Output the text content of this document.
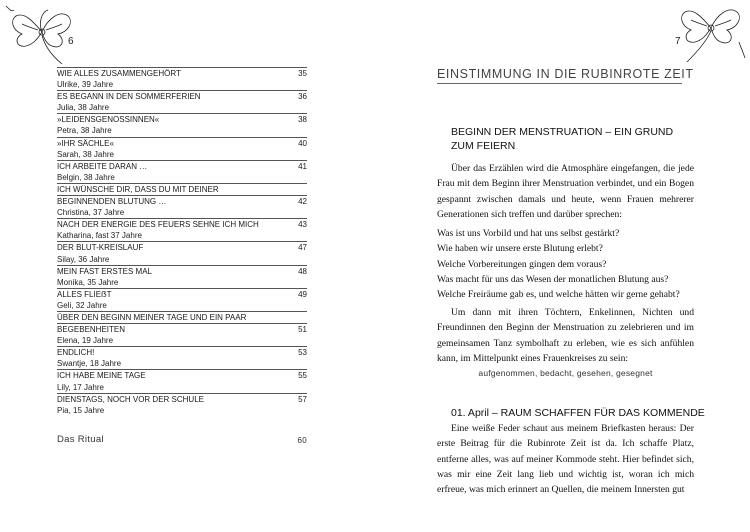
6
WIE ALLES ZUSAMMENGEHÖRT	35
Ulrike, 39 Jahre
ES BEGANN IN DEN SOMMERFERIEN	36
Julia, 38 Jahre
»LEIDENSGENOSSINNEN«	38
Petra, 38 Jahre
»IHR SÄCHLE«	40
Sarah, 38 Jahre
ICH ARBEITE DARAN …	41
Belgin, 38 Jahre
ICH WÜNSCHE DIR, DASS DU MIT DEINER
BEGINNENDEN BLUTUNG …	42
Christina, 37 Jahre
NACH DER ENERGIE DES FEUERS SEHNE ICH MICH	43
Katharina, fast 37 Jahre
DER BLUT-KREISLAUF	47
Silay, 36 Jahre
MEIN FAST ERSTES MAL	48
Monika, 35 Jahre
ALLES FLIEẞT	49
Geli, 32 Jahre
ÜBER DEN BEGINN MEINER TAGE UND EIN PAAR
BEGEBENHEITEN	51
Elena, 19 Jahre
ENDLICH!	53
Swantje, 18 Jahre
ICH HABE MEINE TAGE	55
Lily, 17 Jahre
DIENSTAGS, NOCH VOR DER SCHULE	57
Pia, 15 Jahre
Das Ritual	60
7
EINSTIMMUNG IN DIE RUBINROTE ZEIT
BEGINN DER MENSTRUATION – EIN GRUND
ZUM FEIERN

Über das Erzählen wird die Atmosphäre eingefangen, die jede Frau mit dem Beginn ihrer Menstruation verbindet, und ein Bogen gespannt zwischen damals und heute, wenn Frauen mehrerer Generationen sich treffen und darüber sprechen:

Was ist uns Vorbild und hat uns selbst gestärkt?

Wie haben wir unsere erste Blutung erlebt?

Welche Vorbereitungen gingen dem voraus?

Was macht für uns das Wesen der monatlichen Blutung aus?

Welche Freiräume gab es, und welche hätten wir gerne gehabt?

Um dann mit ihren Töchtern, Enkelinnen, Nichten und Freundinnen den Beginn der Menstruation zu zelebrieren und im gemeinsamen Tanz symbolhaft zu erleben, wie es sich anfühlen kann, im Mittelpunkt eines Frauenkreises zu sein:

aufgenommen, bedacht, gesehen, gesegnet
01. April – RAUM SCHAFFEN FÜR DAS KOMMENDE

Eine weiße Feder schaut aus meinem Briefkasten heraus: Der erste Beitrag für die Rubinrote Zeit ist da. Ich schaffe Platz, entferne alles, was auf meiner Kommode steht. Hier befindet sich, was mir eine Zeit lang lieb und wichtig ist, woran ich mich erfreue, was mich erinnert an Quellen, die meinem Innersten gut
